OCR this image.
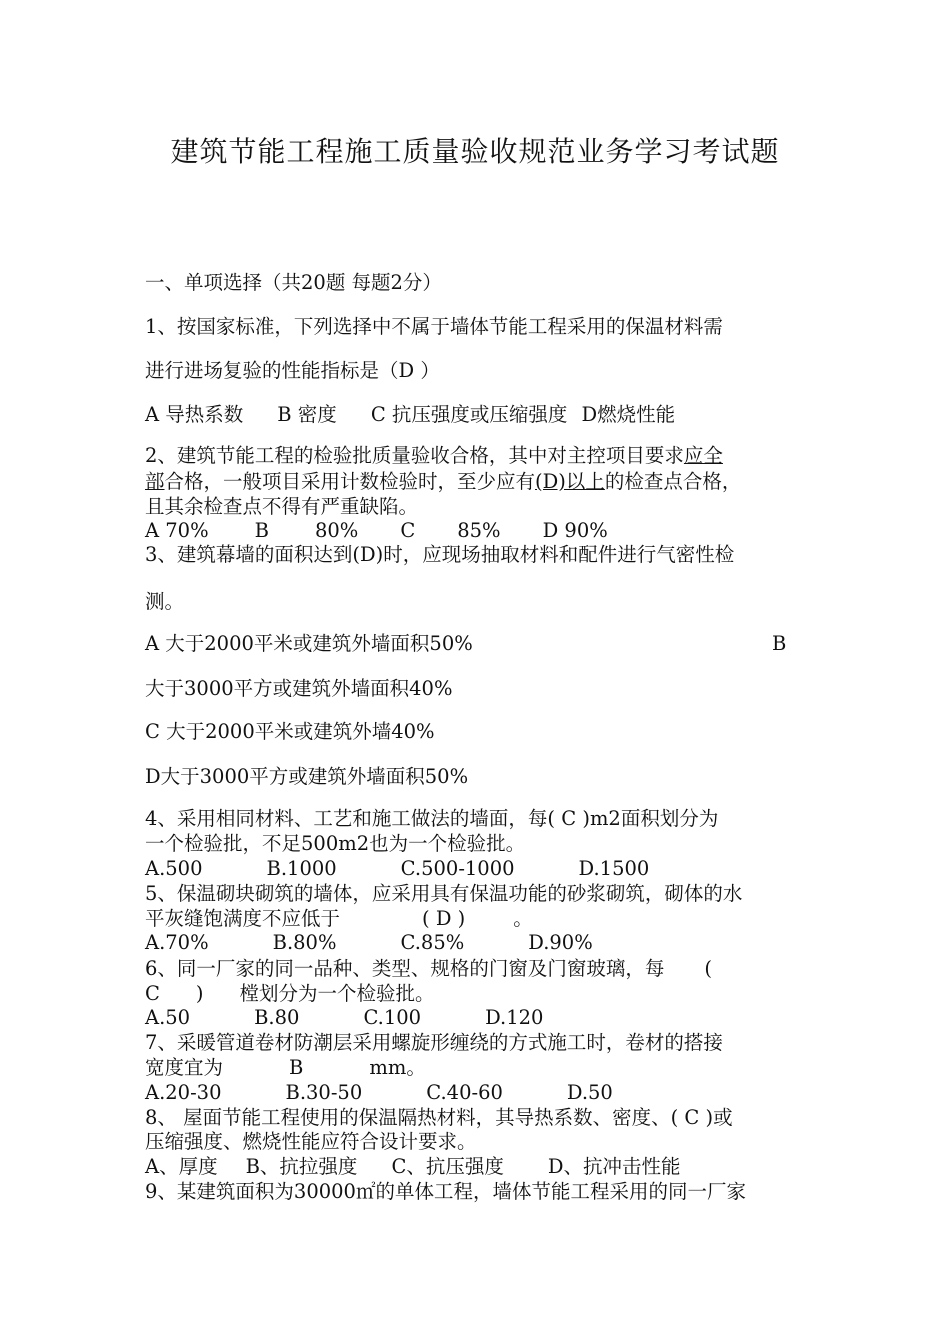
建筑节能工程施工质量验收规范业务学习考试题
一、单项选择（共20题 每题2分）
1、按国家标准，下列选择中不属于墙体节能工程采用的保温材料需
进行进场复验的性能指标是（D ）
A 导热系数 B 密度 C 抗压强度或压缩强度 D燃烧性能
2、建筑节能工程的检验批质量验收合格，其中对主控项目要求应全
部合格，一般项目采用计数检验时，至少应有(D)以上的检查点合格，
且其余检查点不得有严重缺陷。
A 70% B 80% C 85% D 90%
3、建筑幕墙的面积达到(D)时，应现场抽取材料和配件进行气密性检
测。
A 大于2000平米或建筑外墙面积50%	B
大于3000平方或建筑外墙面积40%
C 大于2000平米或建筑外墙40%
D大于3000平方或建筑外墙面积50%
4、采用相同材料、工艺和施工做法的墙面，每( C )m2面积划分为
一个检验批，不足500m2也为一个检验批。
A.500	B.1000	C.500-1000	D.1500
5、保温砌块砌筑的墙体，应采用具有保温功能的砂浆砌筑，砌体的水
平灰缝饱满度不应低于	( D ) 。
A.70%	B.80%	C.85%	D.90%
6、同一厂家的同一品种、类型、规格的门窗及门窗玻璃，每 (
C ) 樘划分为一个检验批。
A.50	B.80	C.100	D.120
7、采暖管道卷材防潮层采用螺旋形缠绕的方式施工时，卷材的搭接
宽度宜为	B	mm。
A.20-30	B.30-50	C.40-60	D.50
8、 屋面节能工程使用的保温隔热材料，其导热系数、密度、( C )或
压缩强度、燃烧性能应符合设计要求。
A、厚度 B、抗拉强度 C、抗压强度 D、抗冲击性能
9、某建筑面积为30000㎡的单体工程，墙体节能工程采用的同一厂家
